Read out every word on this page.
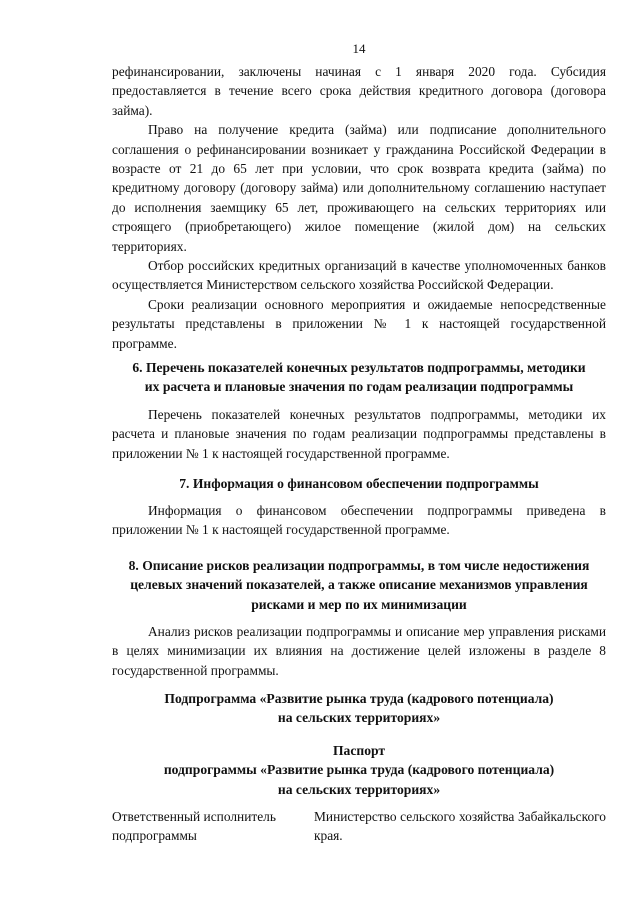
14

рефинансировании, заключены начиная с 1 января 2020 года. Субсидия предоставляется в течение всего срока действия кредитного договора (договора займа).

Право на получение кредита (займа) или подписание дополнительного соглашения о рефинансировании возникает у гражданина Российской Федерации в возрасте от 21 до 65 лет при условии, что срок возврата кредита (займа) по кредитному договору (договору займа) или дополнительному соглашению наступает до исполнения заемщику 65 лет, проживающего на сельских территориях или строящего (приобретающего) жилое помещение (жилой дом) на сельских территориях.

Отбор российских кредитных организаций в качестве уполномоченных банков осуществляется Министерством сельского хозяйства Российской Федерации.

Сроки реализации основного мероприятия и ожидаемые непосредственные результаты представлены в приложении № 1 к настоящей государственной программе.

6. Перечень показателей конечных результатов подпрограммы, методики
их расчета и плановые значения по годам реализации подпрограммы
Перечень показателей конечных результатов подпрограммы, методики их расчета и плановые значения по годам реализации подпрограммы представлены в приложении № 1 к настоящей государственной программе.
7. Информация о финансовом обеспечении подпрограммы
Информация о финансовом обеспечении подпрограммы приведена в приложении № 1 к настоящей государственной программе.
8. Описание рисков реализации подпрограммы, в том числе недостижения
целевых значений показателей, а также описание механизмов управления
рисками и мер по их минимизации
Анализ рисков реализации подпрограммы и описание мер управления рисками в целях минимизации их влияния на достижение целей изложены в разделе 8 государственной программы.
Подпрограмма «Развитие рынка труда (кадрового потенциала)
на сельских территориях»
Паспорт
подпрограммы «Развитие рынка труда (кадрового потенциала)
на сельских территориях»
Ответственный исполнитель подпрограммы
Министерство сельского хозяйства Забайкальского края.
